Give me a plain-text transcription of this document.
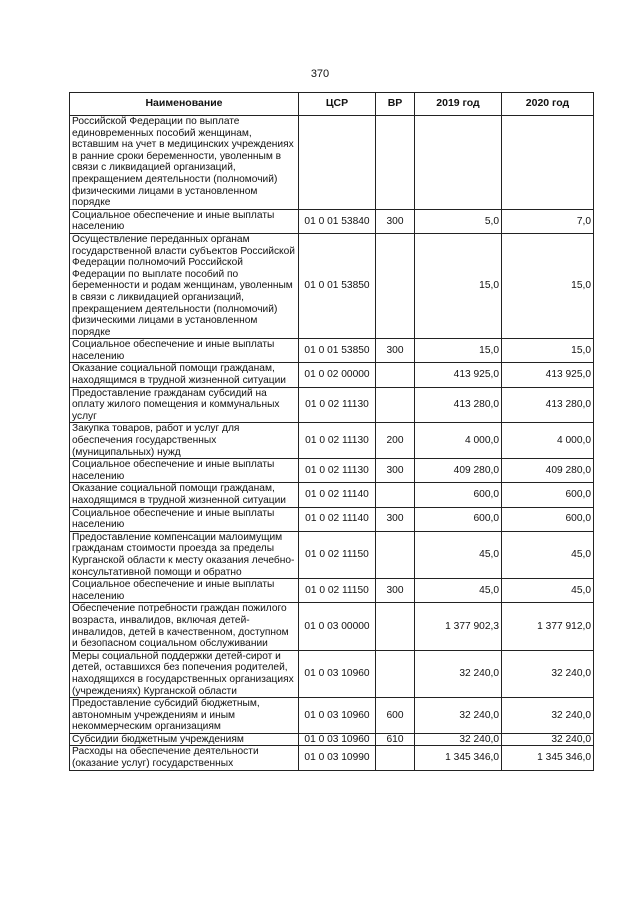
370
Наименование	ЦСР	ВР	2019 год	2020 год
Российской Федерации по выплате единовременных пособий женщинам, вставшим на учет в медицинских учреждениях в ранние сроки беременности, уволенным в связи с ликвидацией организаций, прекращением деятельности (полномочий) физическими лицами в установленном порядке				
Социальное обеспечение и иные выплаты населению	01 0 01 53840	300	5,0	7,0
Осуществление переданных органам государственной власти субъектов Российской Федерации полномочий Российской Федерации по выплате пособий по беременности и родам женщинам, уволенным в связи с ликвидацией организаций, прекращением деятельности (полномочий) физическими лицами в установленном порядке	01 0 01 53850		15,0	15,0
Социальное обеспечение и иные выплаты населению	01 0 01 53850	300	15,0	15,0
Оказание социальной помощи гражданам, находящимся в трудной жизненной ситуации	01 0 02 00000		413 925,0	413 925,0
Предоставление гражданам субсидий на оплату жилого помещения и коммунальных услуг	01 0 02 11130		413 280,0	413 280,0
Закупка товаров, работ и услуг для обеспечения государственных (муниципальных) нужд	01 0 02 11130	200	4 000,0	4 000,0
Социальное обеспечение и иные выплаты населению	01 0 02 11130	300	409 280,0	409 280,0
Оказание социальной помощи гражданам, находящимся в трудной жизненной ситуации	01 0 02 11140		600,0	600,0
Социальное обеспечение и иные выплаты населению	01 0 02 11140	300	600,0	600,0
Предоставление компенсации малоимущим гражданам стоимости проезда за пределы Курганской области к месту оказания лечебно-консультативной помощи и обратно	01 0 02 11150		45,0	45,0
Социальное обеспечение и иные выплаты населению	01 0 02 11150	300	45,0	45,0
Обеспечение потребности граждан пожилого возраста, инвалидов, включая детей-инвалидов, детей в качественном, доступном и безопасном социальном обслуживании	01 0 03 00000		1 377 902,3	1 377 912,0
Меры социальной поддержки детей-сирот и детей, оставшихся без попечения родителей, находящихся в государственных организациях (учреждениях) Курганской области	01 0 03 10960		32 240,0	32 240,0
Предоставление субсидий бюджетным, автономным учреждениям и иным некоммерческим организациям	01 0 03 10960	600	32 240,0	32 240,0
Субсидии бюджетным учреждениям	01 0 03 10960	610	32 240,0	32 240,0
Расходы на обеспечение деятельности (оказание услуг) государственных	01 0 03 10990		1 345 346,0	1 345 346,0
